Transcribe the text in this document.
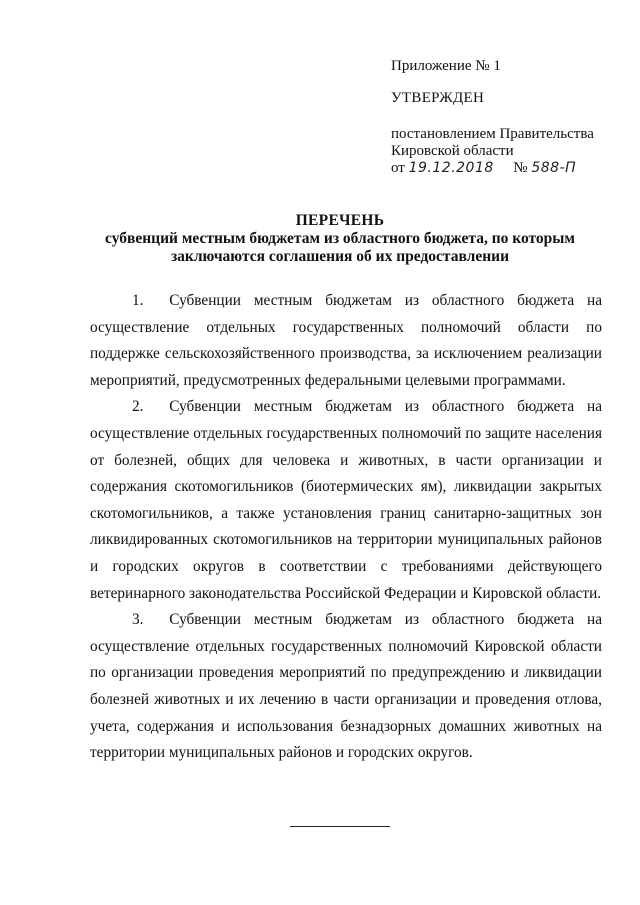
Приложение № 1
УТВЕРЖДЕН
постановлением Правительства
Кировской области
от 19.12.2018 № 588-П
ПЕРЕЧЕНЬ
субвенций местным бюджетам из областного бюджета, по которым
заключаются соглашения об их предоставлении

1. Субвенции местным бюджетам из областного бюджета на осуществление отдельных государственных полномочий области по поддержке сельскохозяйственного производства, за исключением реализации мероприятий, предусмотренных федеральными целевыми программами.

2. Субвенции местным бюджетам из областного бюджета на осуществление отдельных государственных полномочий по защите населения от болезней, общих для человека и животных, в части организации и содержания скотомогильников (биотермических ям), ликвидации закрытых скотомогильников, а также установления границ санитарно-защитных зон ликвидированных скотомогильников на территории муниципальных районов и городских округов в соответствии с требованиями действующего ветеринарного законодательства Российской Федерации и Кировской области.

3. Субвенции местным бюджетам из областного бюджета на осуществление отдельных государственных полномочий Кировской области по организации проведения мероприятий по предупреждению и ликвидации болезней животных и их лечению в части организации и проведения отлова, учета, содержания и использования безнадзорных домашних животных на территории муниципальных районов и городских округов.
